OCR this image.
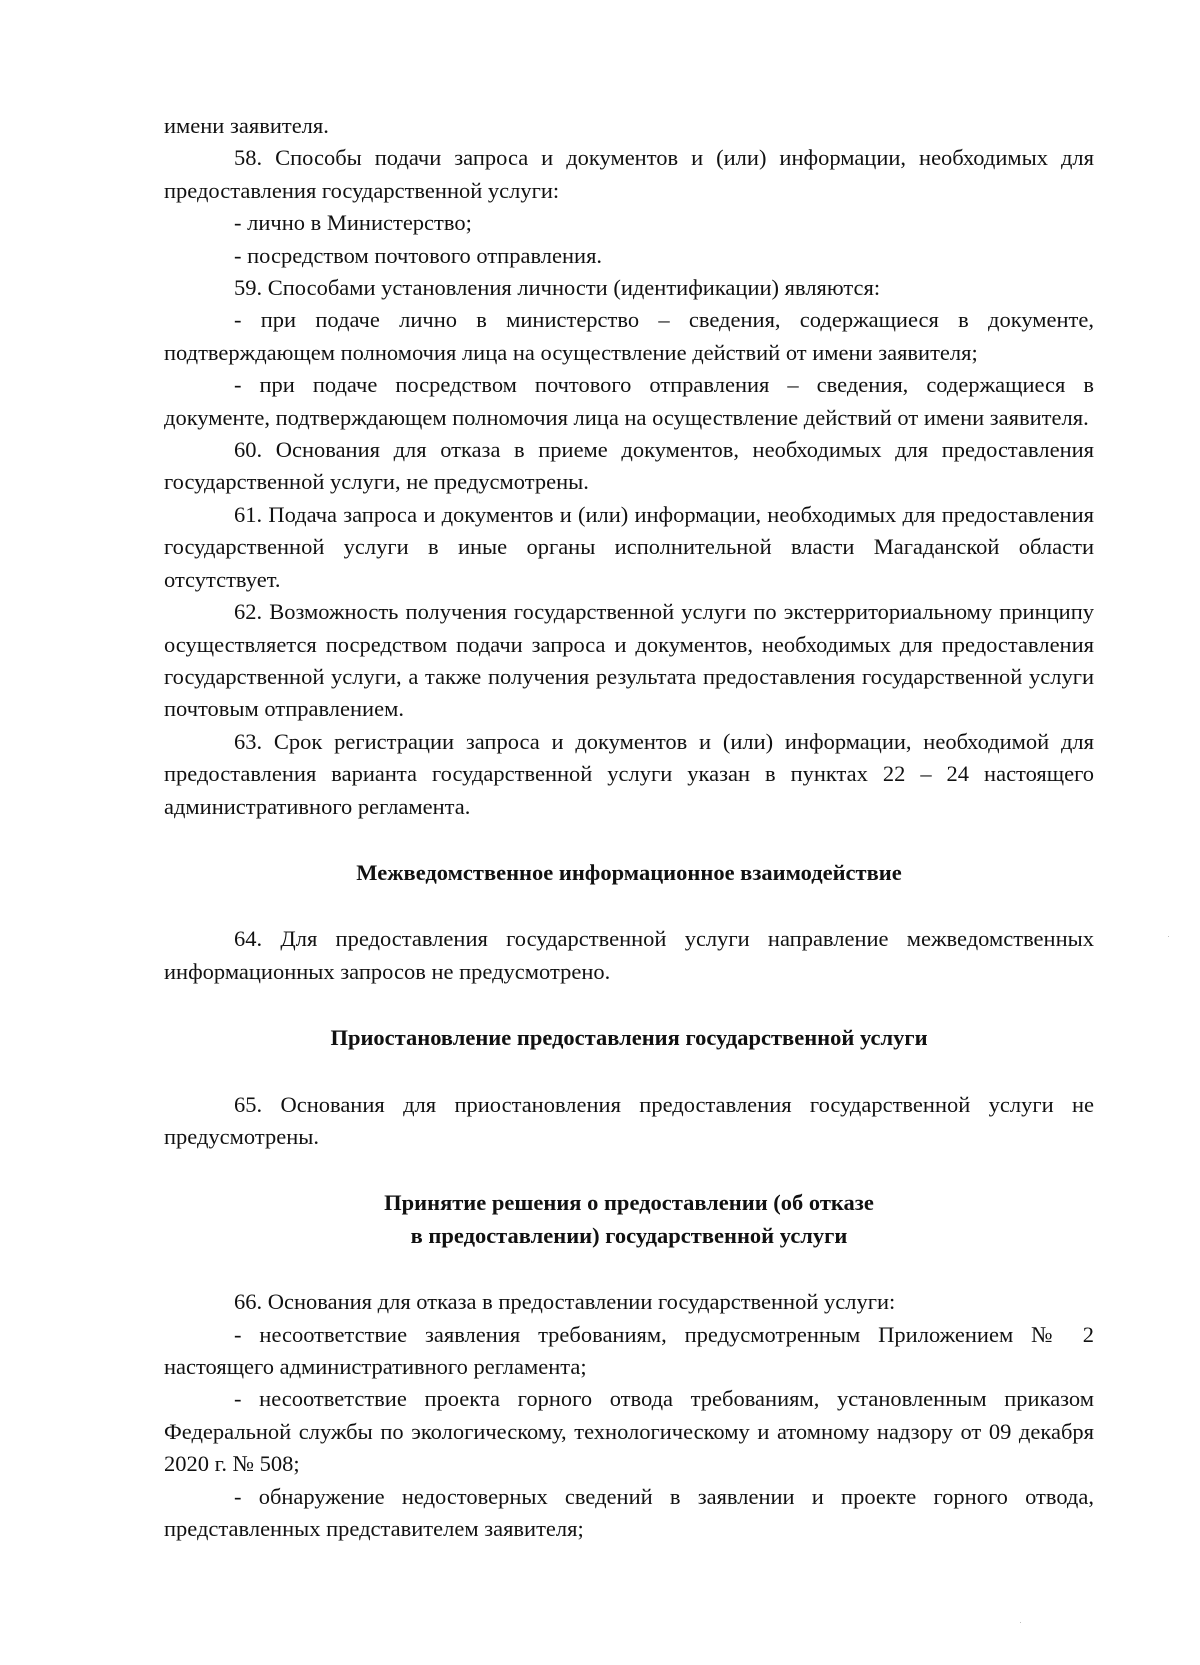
имени заявителя.

58. Способы подачи запроса и документов и (или) информации, необходимых для предоставления государственной услуги:

- лично в Министерство;

- посредством почтового отправления.

59. Способами установления личности (идентификации) являются:

- при подаче лично в министерство – сведения, содержащиеся в документе, подтверждающем полномочия лица на осуществление действий от имени заявителя;

- при подаче посредством почтового отправления – сведения, содержащиеся в документе, подтверждающем полномочия лица на осуществление действий от имени заявителя.

60. Основания для отказа в приеме документов, необходимых для предоставления государственной услуги, не предусмотрены.

61. Подача запроса и документов и (или) информации, необходимых для предоставления государственной услуги в иные органы исполнительной власти Магаданской области отсутствует.

62. Возможность получения государственной услуги по экстерриториальному принципу осуществляется посредством подачи запроса и документов, необходимых для предоставления государственной услуги, а также получения результата предоставления государственной услуги почтовым отправлением.

63. Срок регистрации запроса и документов и (или) информации, необходимой для предоставления варианта государственной услуги указан в пунктах 22 – 24 настоящего административного регламента.

Межведомственное информационное взаимодействие

64. Для предоставления государственной услуги направление межведомственных информационных запросов не предусмотрено.

Приостановление предоставления государственной услуги

65. Основания для приостановления предоставления государственной услуги не предусмотрены.

Принятие решения о предоставлении (об отказе
в предоставлении) государственной услуги

66. Основания для отказа в предоставлении государственной услуги:

- несоответствие заявления требованиям, предусмотренным Приложением № 2 настоящего административного регламента;

- несоответствие проекта горного отвода требованиям, установленным приказом Федеральной службы по экологическому, технологическому и атомному надзору от 09 декабря 2020 г. № 508;

- обнаружение недостоверных сведений в заявлении и проекте горного отвода, представленных представителем заявителя;
